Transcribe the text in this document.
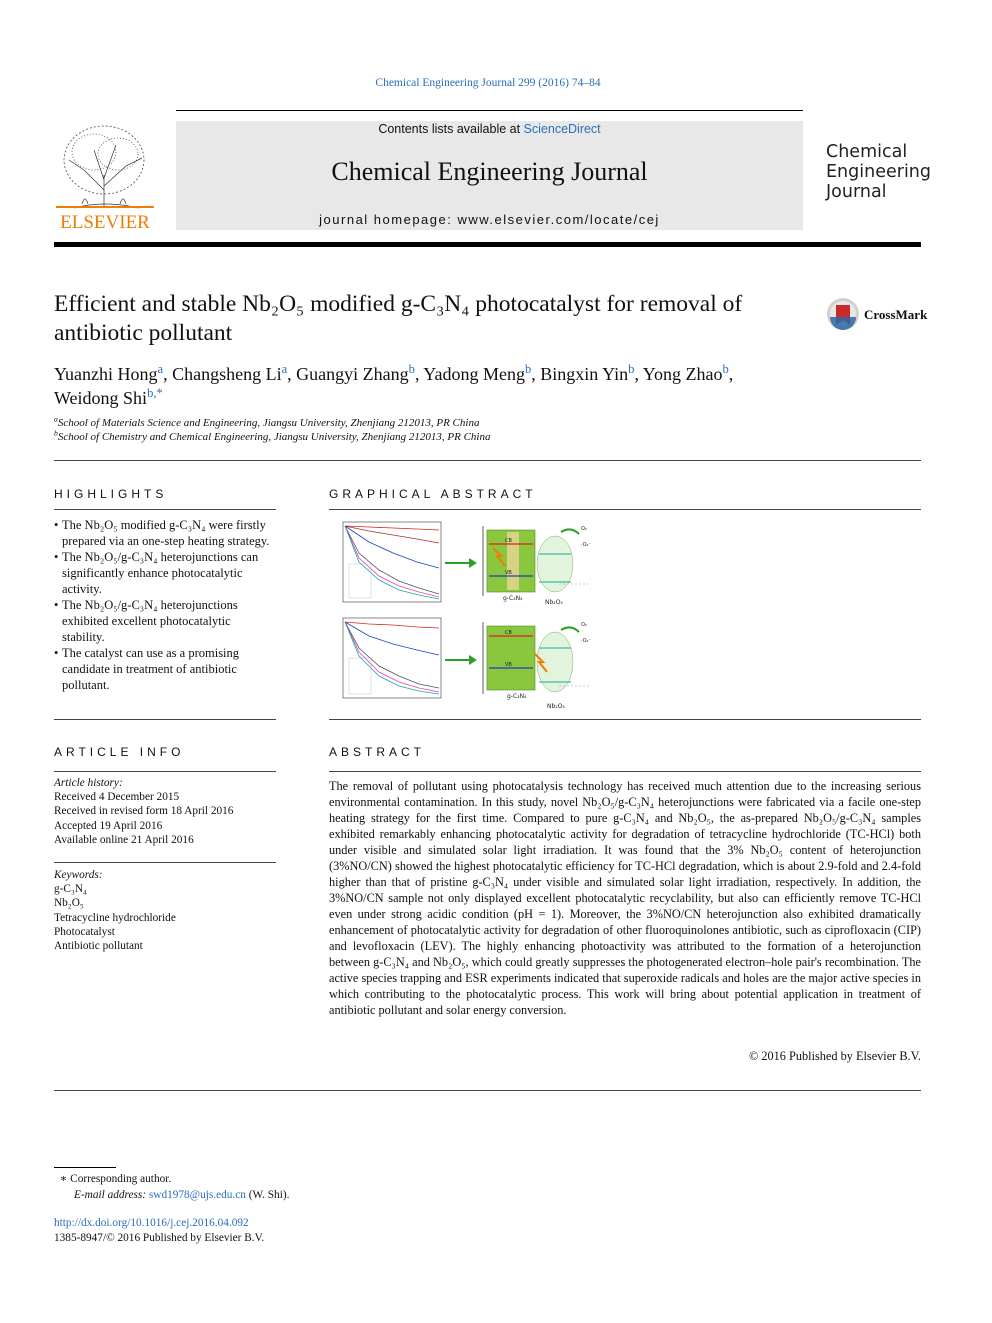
Chemical Engineering Journal 299 (2016) 74–84
ELSEVIER
Contents lists available at ScienceDirect
Chemical Engineering Journal
journal homepage: www.elsevier.com/locate/cej
Chemical
Engineering
Journal
Efficient and stable Nb₂O₅ modified g-C₃N₄ photocatalyst for removal of antibiotic pollutant
CrossMark
Yuanzhi Hong$^a$, Changsheng Li$^a$, Guangyi Zhang$^b$, Yadong Meng$^b$, Bingxin Yin$^b$, Yong Zhao$^b$,
Weidong Shi$^{b,*}$
$^a$School of Materials Science and Engineering, Jiangsu University, Zhenjiang 212013, PR China
$^b$School of Chemistry and Chemical Engineering, Jiangsu University, Zhenjiang 212013, PR China
HIGHLIGHTS
• The Nb₂O₅ modified g-C₃N₄ were firstly prepared via an one-step heating strategy.
• The Nb₂O₅/g-C₃N₄ heterojunctions can significantly enhance photocatalytic activity.
• The Nb₂O₅/g-C₃N₄ heterojunctions exhibited excellent photocatalytic stability.
• The catalyst can use as a promising candidate in treatment of antibiotic pollutant.
GRAPHICAL ABSTRACT
CB
VB
O₂
·O₂⁻
g-C₃N₄
Nb₂O₅
CB
VB
O₂
·O₂⁻
g-C₃N₄
Nb₂O₅
ARTICLE INFO
Article history:
Received 4 December 2015
Received in revised form 18 April 2016
Accepted 19 April 2016
Available online 21 April 2016
Keywords:
g-C₃N₄
Nb₂O₅
Tetracycline hydrochloride
Photocatalyst
Antibiotic pollutant
ABSTRACT
The removal of pollutant using photocatalysis technology has received much attention due to the increasing serious environmental contamination. In this study, novel Nb₂O₅/g-C₃N₄ heterojunctions were fabricated via a facile one-step heating strategy for the first time. Compared to pure g-C₃N₄ and Nb₂O₅, the as-prepared Nb₂O₅/g-C₃N₄ samples exhibited remarkably enhancing photocatalytic activity for degradation of tetracycline hydrochloride (TC-HCl) both under visible and simulated solar light irradiation. It was found that the 3% Nb₂O₅ content of heterojunction (3%NO/CN) showed the highest photocatalytic efficiency for TC-HCl degradation, which is about 2.9-fold and 2.4-fold higher than that of pristine g-C₃N₄ under visible and simulated solar light irradiation, respectively. In addition, the 3%NO/CN sample not only displayed excellent photocatalytic recyclability, but also can efficiently remove TC-HCl even under strong acidic condition (pH = 1). Moreover, the 3%NO/CN heterojunction also exhibited dramatically enhancement of photocatalytic activity for degradation of other fluoroquinolones antibiotic, such as ciprofloxacin (CIP) and levofloxacin (LEV). The highly enhancing photoactivity was attributed to the formation of a heterojunction between g-C₃N₄ and Nb₂O₅, which could greatly suppresses the photogenerated electron–hole pair's recombination. The active species trapping and ESR experiments indicated that superoxide radicals and holes are the major active species in which contributing to the photocatalytic process. This work will bring about potential application in treatment of antibiotic pollutant and solar energy conversion.
© 2016 Published by Elsevier B.V.
∗ Corresponding author.
E-mail address: swd1978@ujs.edu.cn (W. Shi).
http://dx.doi.org/10.1016/j.cej.2016.04.092
1385-8947/© 2016 Published by Elsevier B.V.
